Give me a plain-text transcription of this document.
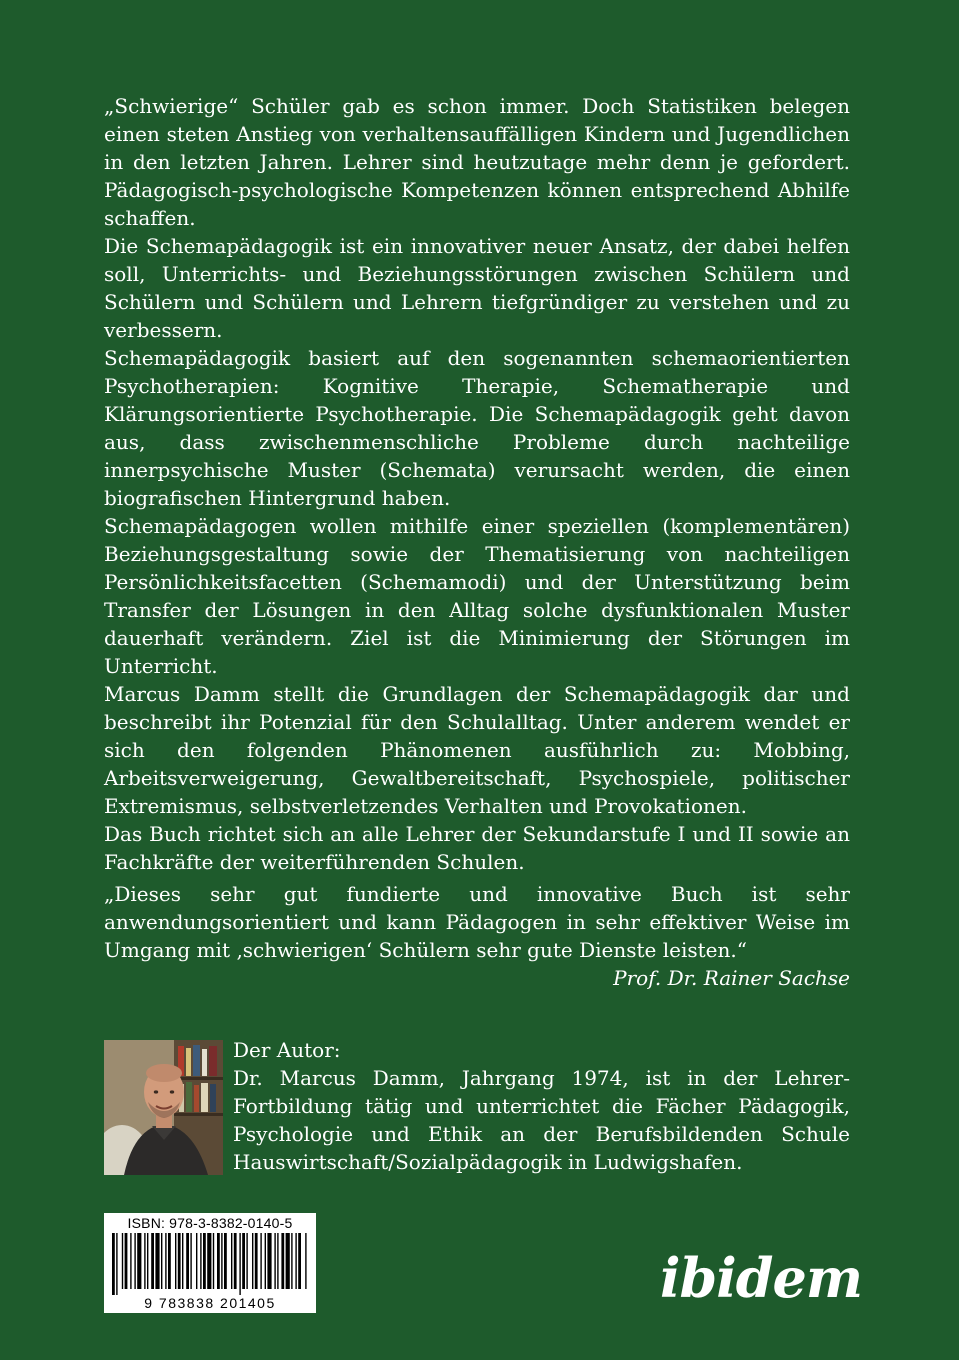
„Schwierige“ Schüler gab es schon immer. Doch Statistiken belegen einen steten Anstieg von verhaltensauffälligen Kindern und Jugendlichen in den letzten Jahren. Lehrer sind heutzutage mehr denn je gefordert. Pädagogisch-psychologische Kompetenzen können entsprechend Abhilfe schaffen.

Die Schemapädagogik ist ein innovativer neuer Ansatz, der dabei helfen soll, Unterrichts- und Beziehungsstörungen zwischen Schülern und Schülern und Schülern und Lehrern tiefgründiger zu verstehen und zu verbessern.

Schemapädagogik basiert auf den sogenannten schemaorientierten Psychotherapien: Kognitive Therapie, Schematherapie und Klärungsorientierte Psychotherapie. Die Schemapädagogik geht davon aus, dass zwischenmenschliche Probleme durch nachteilige innerpsychische Muster (Schemata) verursacht werden, die einen biografischen Hintergrund haben.

Schemapädagogen wollen mithilfe einer speziellen (komplementären) Beziehungsgestaltung sowie der Thematisierung von nachteiligen Persönlichkeitsfacetten (Schemamodi) und der Unterstützung beim Transfer der Lösungen in den Alltag solche dysfunktionalen Muster dauerhaft verändern. Ziel ist die Minimierung der Störungen im Unterricht.

Marcus Damm stellt die Grundlagen der Schemapädagogik dar und beschreibt ihr Potenzial für den Schulalltag. Unter anderem wendet er sich den folgenden Phänomenen ausführlich zu: Mobbing, Arbeitsverweigerung, Gewaltbereitschaft, Psychospiele, politischer Extremismus, selbstverletzendes Verhalten und Provokationen.

Das Buch richtet sich an alle Lehrer der Sekundarstufe I und II sowie an Fachkräfte der weiterführenden Schulen.

„Dieses sehr gut fundierte und innovative Buch ist sehr anwendungsorientiert und kann Pädagogen in sehr effektiver Weise im Umgang mit ‚schwierigen‘ Schülern sehr gute Dienste leisten.“

Prof. Dr. Rainer Sachse

Der Autor:

Dr. Marcus Damm, Jahrgang 1974, ist in der Lehrer-Fortbildung tätig und unterrichtet die Fächer Pädagogik, Psychologie und Ethik an der Berufsbildenden Schule Hauswirtschaft/Sozialpädagogik in Ludwigshafen.

ISBN: 978-3-8382-0140-5
9 783838 201405	ibidem
